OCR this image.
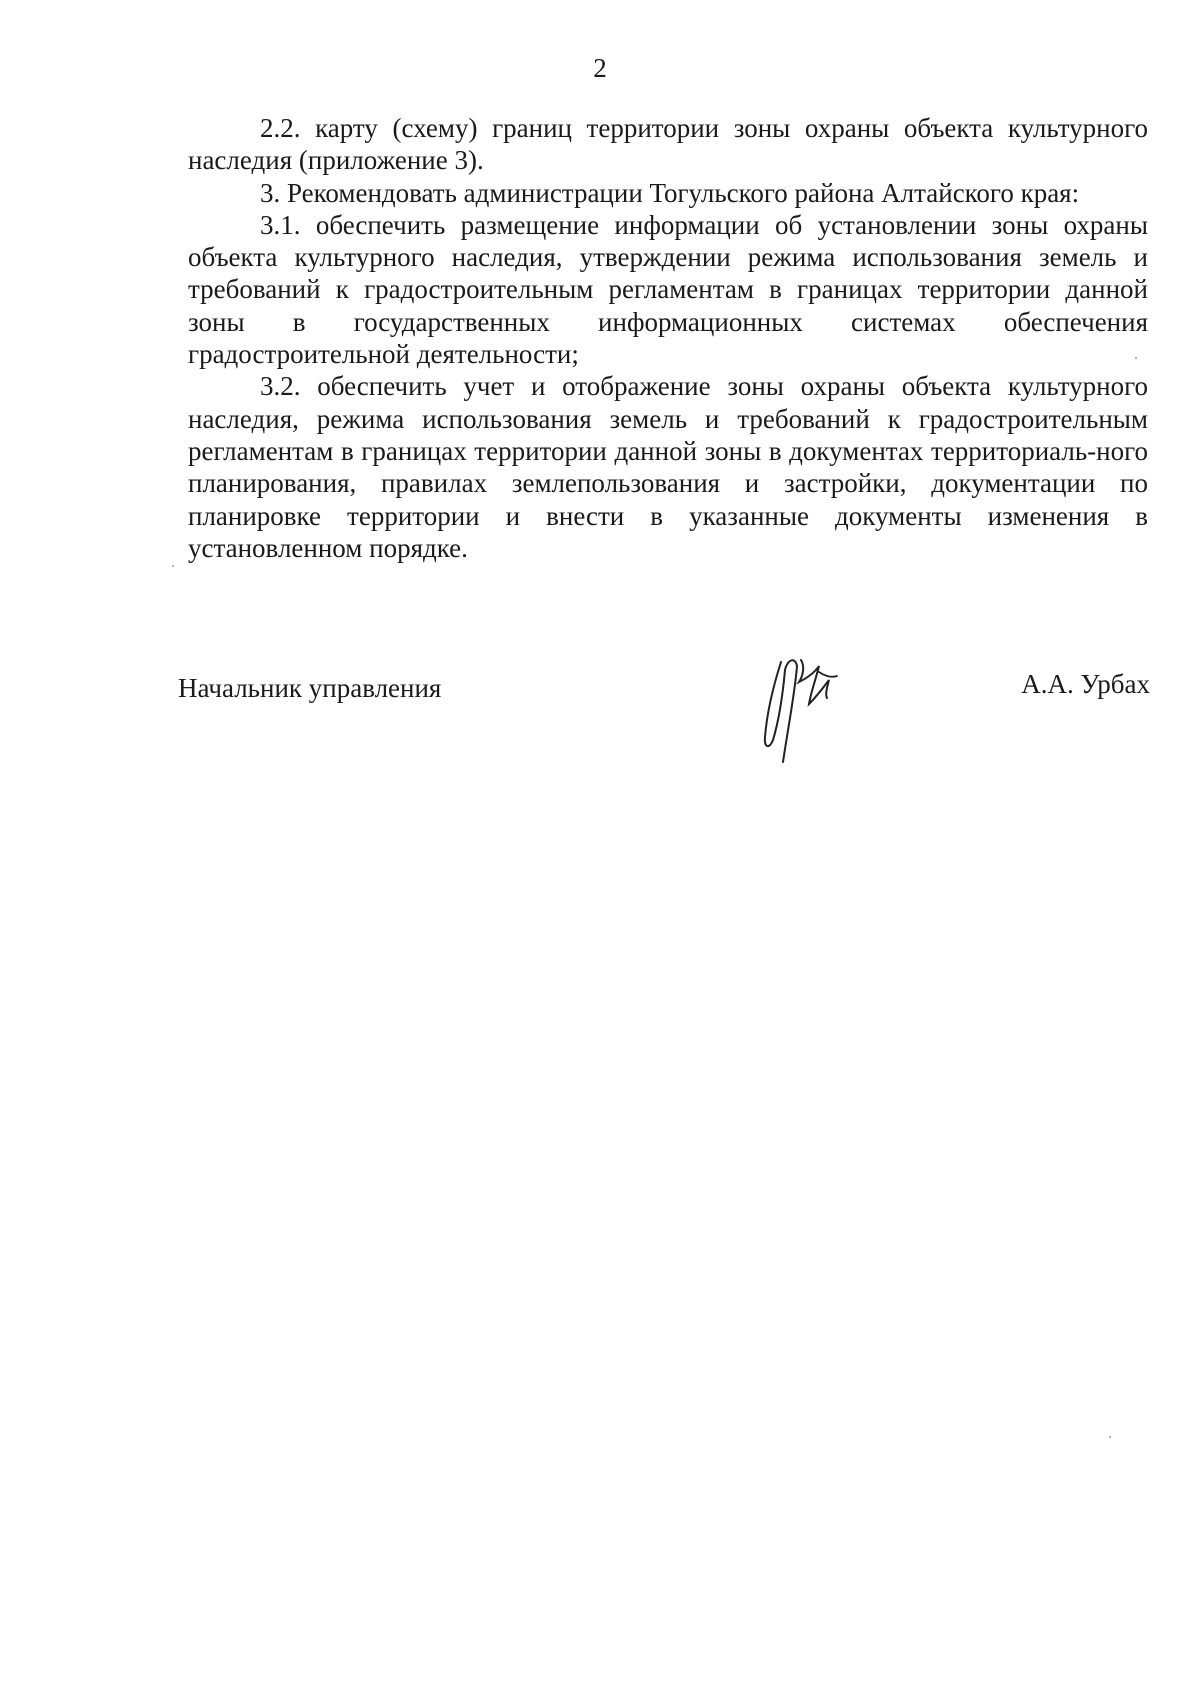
2

2.2. карту (схему) границ территории зоны охраны объекта культурного наследия (приложение 3).

3. Рекомендовать администрации Тогульского района Алтайского края:

3.1. обеспечить размещение информации об установлении зоны охраны объекта культурного наследия, утверждении режима использования земель и требований к градостроительным регламентам в границах территории данной зоны в государственных информационных системах обеспечения градостроительной деятельности;

3.2. обеспечить учет и отображение зоны охраны объекта культурного наследия, режима использования земель и требований к градостроительным регламентам в границах территории данной зоны в документах территориаль-ного планирования, правилах землепользования и застройки, документации по планировке территории и внести в указанные документы изменения в установленном порядке.

Начальник управления	А.А. Урбах
